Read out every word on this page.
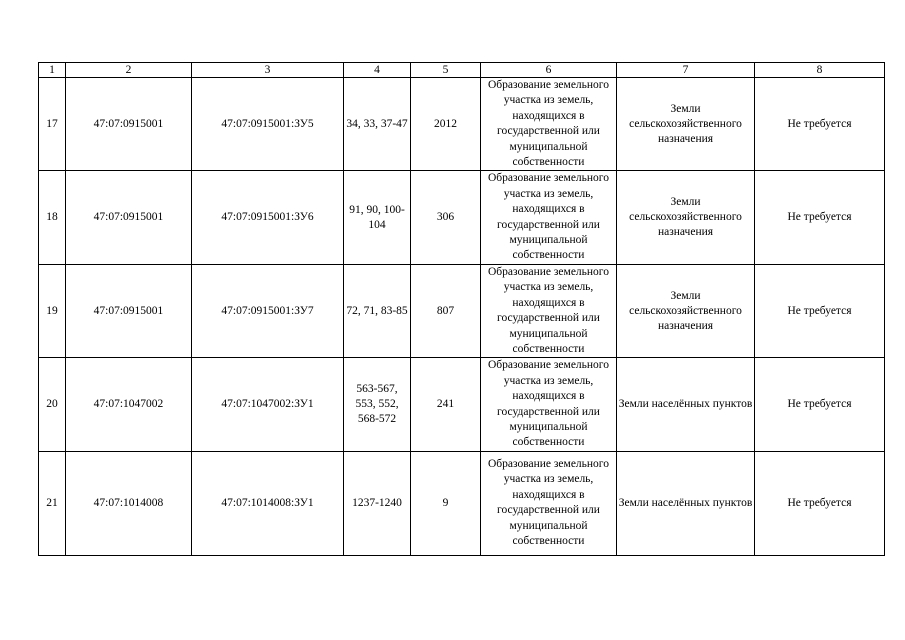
1	2	3	4	5	6	7	8
17	47:07:0915001	47:07:0915001:ЗУ5	34, 33, 37-47	2012	Образование земельного участка из земель, находящихся в государственной или муниципальной собственности	Земли сельскохозяйственного назначения	Не требуется
18	47:07:0915001	47:07:0915001:ЗУ6	91, 90, 100-104	306	Образование земельного участка из земель, находящихся в государственной или муниципальной собственности	Земли сельскохозяйственного назначения	Не требуется
19	47:07:0915001	47:07:0915001:ЗУ7	72, 71, 83-85	807	Образование земельного участка из земель, находящихся в государственной или муниципальной собственности	Земли сельскохозяйственного назначения	Не требуется
20	47:07:1047002	47:07:1047002:ЗУ1	563-567, 553, 552, 568-572	241	Образование земельного участка из земель, находящихся в государственной или муниципальной собственности	Земли населённых пунктов	Не требуется
21	47:07:1014008	47:07:1014008:ЗУ1	1237-1240	9	Образование земельного участка из земель, находящихся в государственной или муниципальной собственности	Земли населённых пунктов	Не требуется
